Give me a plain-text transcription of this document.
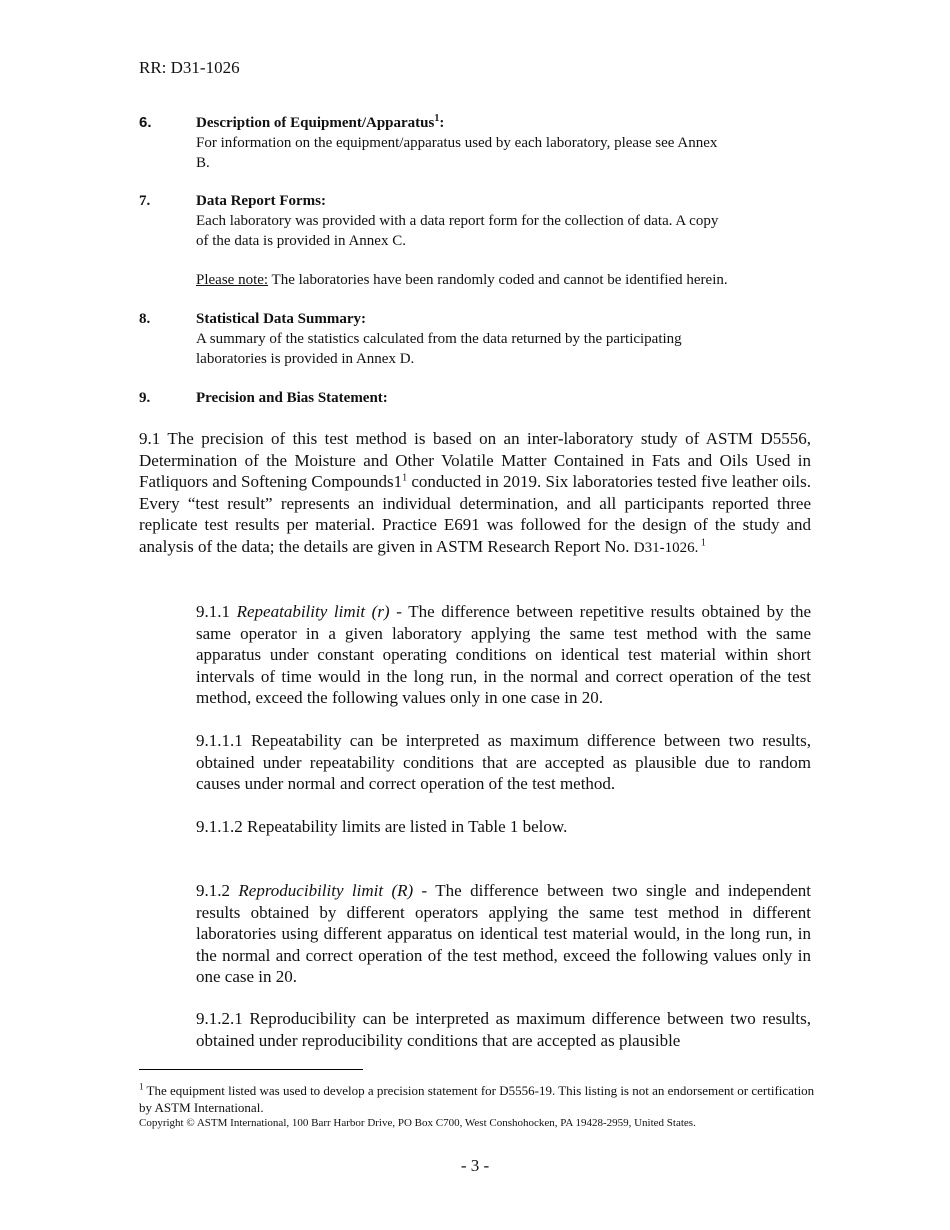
RR: D31-1026
6.	Description of Equipment/Apparatus$^1$:
For information on the equipment/apparatus used by each laboratory, please see Annex
B.
7.	Data Report Forms:
Each laboratory was provided with a data report form for the collection of data. A copy
of the data is provided in Annex C.
Please note: The laboratories have been randomly coded and cannot be identified herein.
8.	Statistical Data Summary:
A summary of the statistics calculated from the data returned by the participating
laboratories is provided in Annex D.
9.	Precision and Bias Statement:
9.1 The precision of this test method is based on an inter-laboratory study of ASTM D5556, Determination of the Moisture and Other Volatile Matter Contained in Fats and Oils Used in Fatliquors and Softening $Compounds1^1$ conducted in 2019. Six laboratories tested five leather oils. Every “test result” represents an individual determination, and all participants reported three replicate test results per material. Practice E691 was followed for the design of the study and analysis of the data; the details are given in ASTM Research Report No. D31-1026. $^1$
9.1.1 Repeatability limit (r) - The difference between repetitive results obtained by the same operator in a given laboratory applying the same test method with the same apparatus under constant operating conditions on identical test material within short intervals of time would in the long run, in the normal and correct operation of the test method, exceed the following values only in one case in 20.
9.1.1.1 Repeatability can be interpreted as maximum difference between two results, obtained under repeatability conditions that are accepted as plausible due to random causes under normal and correct operation of the test method.
9.1.1.2 Repeatability limits are listed in Table 1 below.
9.1.2 Reproducibility limit (R) - The difference between two single and independent results obtained by different operators applying the same test method in different laboratories using different apparatus on identical test material would, in the long run, in the normal and correct operation of the test method, exceed the following values only in one case in 20.
9.1.2.1 Reproducibility can be interpreted as maximum difference between two results, obtained under reproducibility conditions that are accepted as plausible
$^1$ The equipment listed was used to develop a precision statement for D5556-19. This listing is not an endorsement or certification by ASTM International.
Copyright © ASTM International, 100 Barr Harbor Drive, PO Box C700, West Conshohocken, PA 19428-2959, United States.
- 3 -
